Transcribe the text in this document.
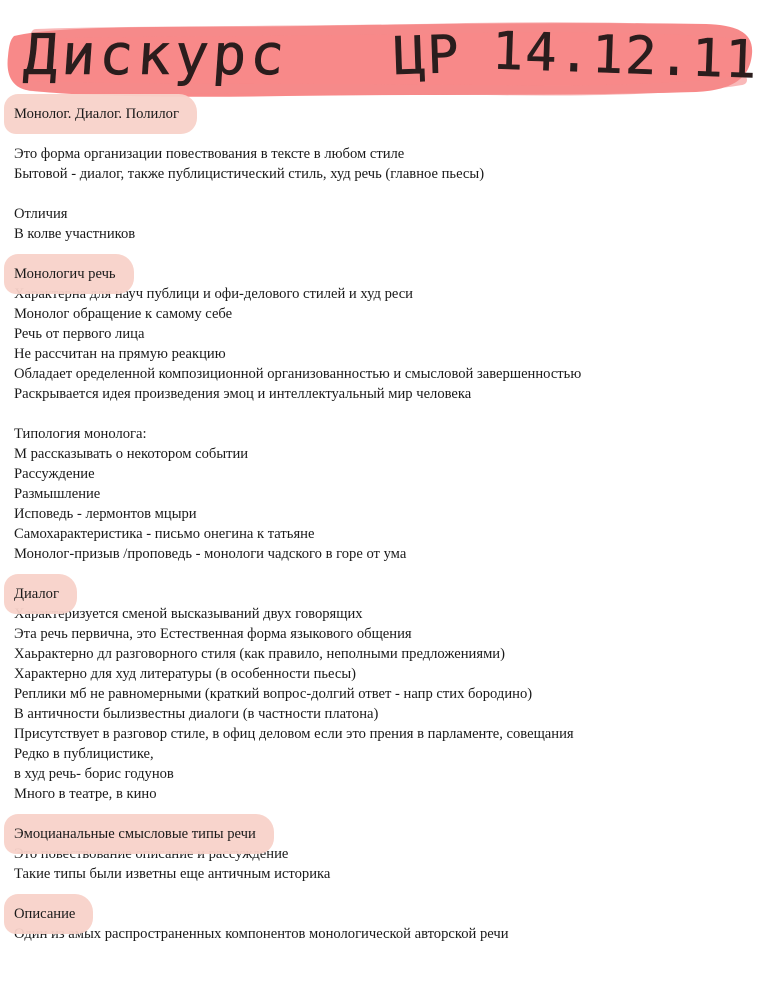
Дискурс ЦР 14.12.11
Монолог. Диалог. Полилог
Это форма организации повествования в тексте в любом стиле
Бытовой - диалог, также публицистический стиль, худ речь (главное пьесы)
Отличия
В колве участников
Монологич речь
Характерна для науч публици и офи-делового стилей и худ реси
Монолог обращение к самому себе
Речь от первого лица
Не рассчитан на прямую реакцию
Обладает оределенной композиционной организованностью и смысловой завершенностью
Раскрывается идея произведения эмоц и интеллектуальный мир человека
Типология монолога:
М рассказывать о некотором событии
Рассуждение
Размышление
Исповедь - лермонтов мцыри
Самохарактеристика - письмо онегина к татьяне
Монолог-призыв /проповедь - монологи чадского в горе от ума
Диалог
Характеризуется сменой высказываний двух говорящих
Эта речь первична, это Естественная форма языкового общения
Хаьрактерно дл разговорного стиля (как правило, неполными предложениями)
Характерно для худ литературы (в особенности пьесы)
Реплики мб не равномерными (краткий вопрос-долгий ответ - напр стих бородино)
В античности былизвестны диалоги (в частности платона)
Присутствует в разговор стиле, в офиц деловом если это прения в парламенте, совещания
Редко в публицистике,
в худ речь- борис годунов
Много в театре, в кино
Эмоцианальные смысловые типы речи
Это повествование описание и рассуждение
Такие типы были изветны еще античным историка
Описание
Один из амых распространенных компонентов монологической авторской речи
